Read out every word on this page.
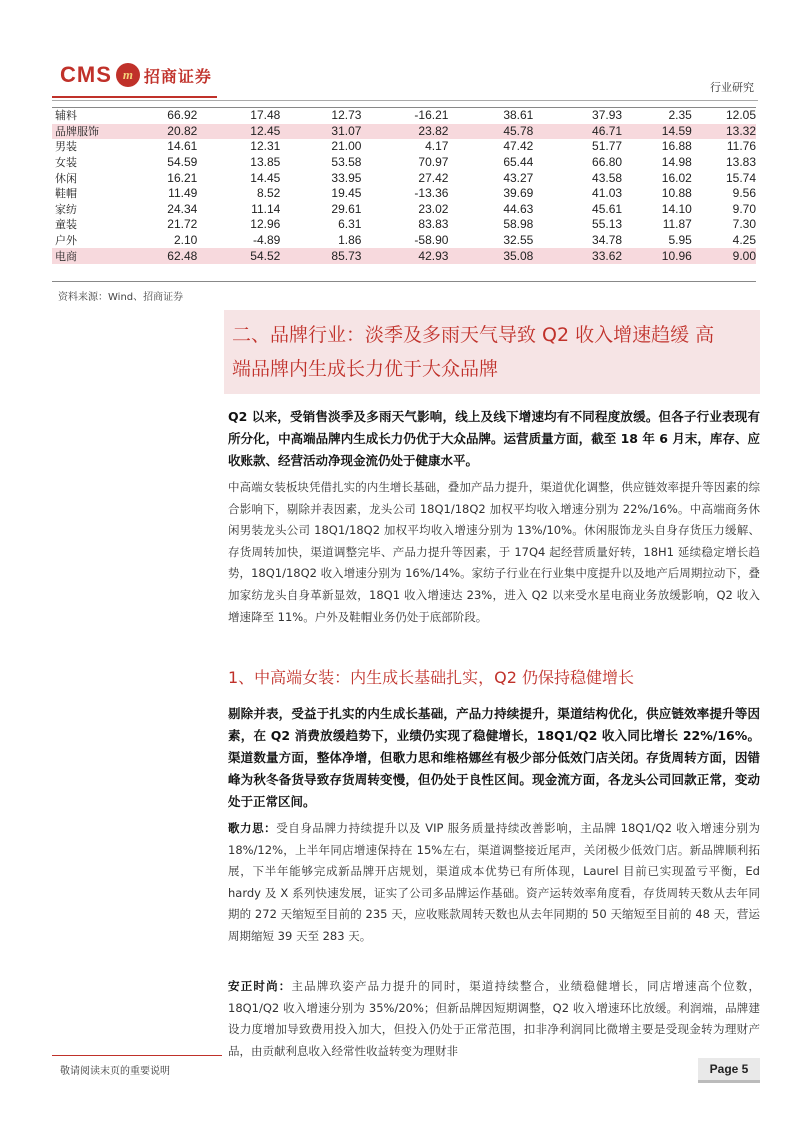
CMS m 招商证券
行业研究
辅料	66.92	17.48	12.73	-16.21	38.61	37.93	2.35	12.05
品牌服饰	20.82	12.45	31.07	23.82	45.78	46.71	14.59	13.32
男装	14.61	12.31	21.00	4.17	47.42	51.77	16.88	11.76
女装	54.59	13.85	53.58	70.97	65.44	66.80	14.98	13.83
休闲	16.21	14.45	33.95	27.42	43.27	43.58	16.02	15.74
鞋帽	11.49	8.52	19.45	-13.36	39.69	41.03	10.88	9.56
家纺	24.34	11.14	29.61	23.02	44.63	45.61	14.10	9.70
童装	21.72	12.96	6.31	83.83	58.98	55.13	11.87	7.30
户外	2.10	-4.89	1.86	-58.90	32.55	34.78	5.95	4.25
电商	62.48	54.52	85.73	42.93	35.08	33.62	10.96	9.00
资料来源：Wind、招商证券
二、品牌行业：淡季及多雨天气导致 Q2 收入增速趋缓 高
端品牌内生成长力优于大众品牌

Q2 以来，受销售淡季及多雨天气影响，线上及线下增速均有不同程度放缓。但各子行业表现有所分化，中高端品牌内生成长力仍优于大众品牌。运营质量方面，截至 18 年 6 月末，库存、应收账款、经营活动净现金流仍处于健康水平。

中高端女装板块凭借扎实的内生增长基础，叠加产品力提升，渠道优化调整，供应链效率提升等因素的综合影响下，剔除并表因素，龙头公司 18Q1/18Q2 加权平均收入增速分别为 22%/16%。中高端商务休闲男装龙头公司 18Q1/18Q2 加权平均收入增速分别为 13%/10%。休闲服饰龙头自身存货压力缓解、存货周转加快，渠道调整完毕、产品力提升等因素，于 17Q4 起经营质量好转，18H1 延续稳定增长趋势，18Q1/18Q2 收入增速分别为 16%/14%。家纺子行业在行业集中度提升以及地产后周期拉动下，叠加家纺龙头自身革新显效，18Q1 收入增速达 23%，进入 Q2 以来受水星电商业务放缓影响，Q2 收入增速降至 11%。户外及鞋帽业务仍处于底部阶段。

1、中高端女装：内生成长基础扎实，Q2 仍保持稳健增长

剔除并表，受益于扎实的内生成长基础，产品力持续提升，渠道结构优化，供应链效率提升等因素，在 Q2 消费放缓趋势下，业绩仍实现了稳健增长，18Q1/Q2 收入同比增长 22%/16%。渠道数量方面，整体净增，但歌力思和维格娜丝有极少部分低效门店关闭。存货周转方面，因错峰为秋冬备货导致存货周转变慢，但仍处于良性区间。现金流方面，各龙头公司回款正常，变动处于正常区间。

歌力思：受自身品牌力持续提升以及 VIP 服务质量持续改善影响，主品牌 18Q1/Q2 收入增速分别为 18%/12%，上半年同店增速保持在 15%左右，渠道调整接近尾声，关闭极少低效门店。新品牌顺利拓展，下半年能够完成新品牌开店规划，渠道成本优势已有所体现，Laurel 目前已实现盈亏平衡，Ed hardy 及 X 系列快速发展，证实了公司多品牌运作基础。资产运转效率角度看，存货周转天数从去年同期的 272 天缩短至目前的 235 天，应收账款周转天数也从去年同期的 50 天缩短至目前的 48 天，营运周期缩短 39 天至 283 天。

安正时尚：主品牌玖姿产品力提升的同时，渠道持续整合，业绩稳健增长，同店增速高个位数，18Q1/Q2 收入增速分别为 35%/20%；但新品牌因短期调整，Q2 收入增速环比放缓。利润端，品牌建设力度增加导致费用投入加大，但投入仍处于正常范围，扣非净利润同比微增主要是受现金转为理财产品，由贡献利息收入经常性收益转变为理财非

敬请阅读末页的重要说明	Page 5
